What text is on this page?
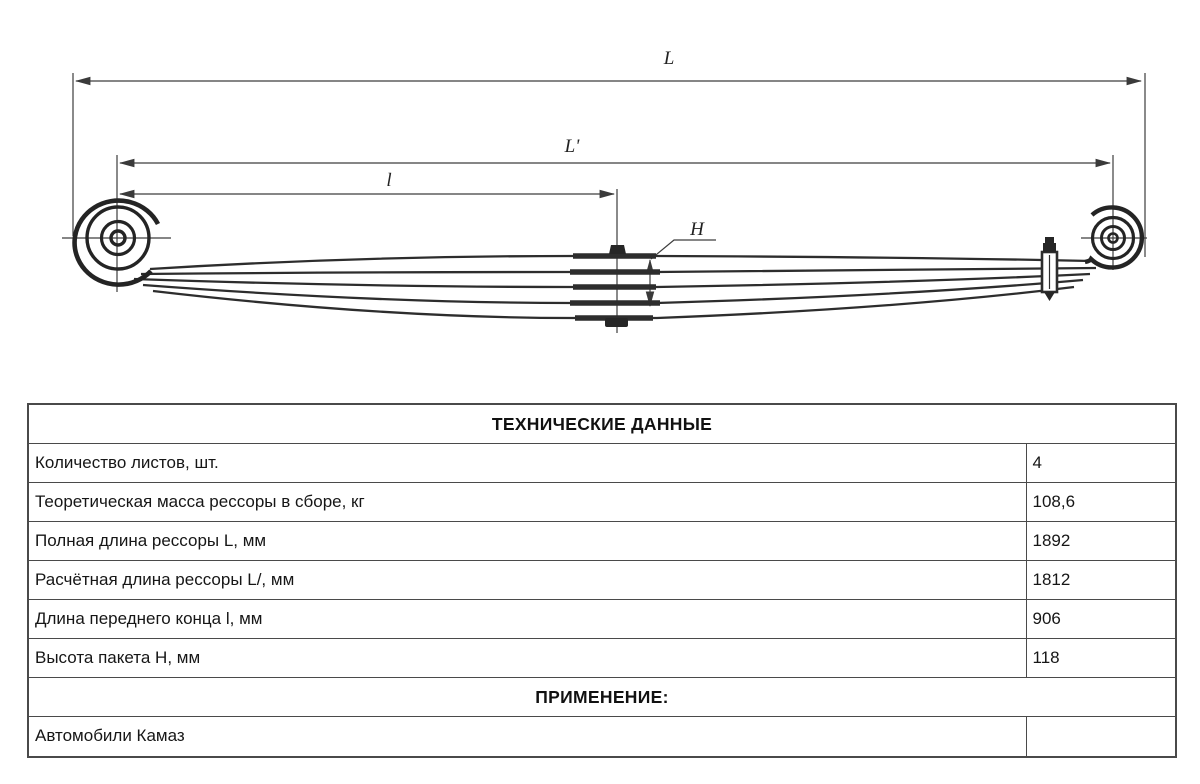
L
L'
l
H
ТЕХНИЧЕСКИЕ ДАННЫЕ	
Количество листов, шт.	4
Теоретическая масса рессоры в сборе, кг	108,6
Полная длина рессоры L, мм	1892
Расчётная длина рессоры L/, мм	1812
Длина переднего конца l, мм	906
Высота пакета Н, мм	118
ПРИМЕНЕНИЕ:	
Автомобили Камаз	
